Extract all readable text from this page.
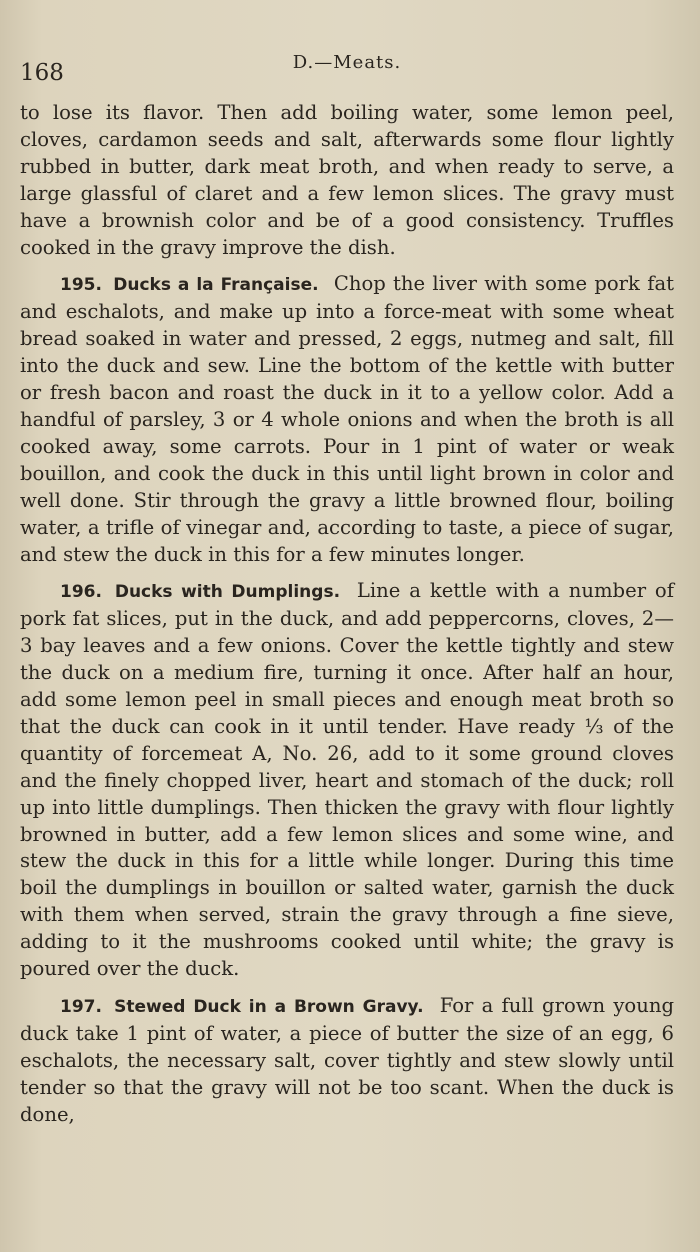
168	D.—Meats.

to lose its flavor. Then add boiling water, some lemon peel, cloves, cardamon seeds and salt, afterwards some flour lightly rubbed in butter, dark meat broth, and when ready to serve, a large glassful of claret and a few lemon slices. The gravy must have a brownish color and be of a good consistency. Truffles cooked in the gravy improve the dish.

195. Ducks a la Française. Chop the liver with some pork fat and eschalots, and make up into a force-meat with some wheat bread soaked in water and pressed, 2 eggs, nutmeg and salt, fill into the duck and sew. Line the bottom of the kettle with butter or fresh bacon and roast the duck in it to a yellow color. Add a handful of parsley, 3 or 4 whole onions and when the broth is all cooked away, some carrots. Pour in 1 pint of water or weak bouillon, and cook the duck in this until light brown in color and well done. Stir through the gravy a little browned flour, boiling water, a trifle of vinegar and, according to taste, a piece of sugar, and stew the duck in this for a few minutes longer.

196. Ducks with Dumplings. Line a kettle with a number of pork fat slices, put in the duck, and add peppercorns, cloves, 2—3 bay leaves and a few onions. Cover the kettle tightly and stew the duck on a medium fire, turning it once. After half an hour, add some lemon peel in small pieces and enough meat broth so that the duck can cook in it until tender. Have ready ⅓ of the quantity of forcemeat A, No. 26, add to it some ground cloves and the finely chopped liver, heart and stomach of the duck; roll up into little dumplings. Then thicken the gravy with flour lightly browned in butter, add a few lemon slices and some wine, and stew the duck in this for a little while longer. During this time boil the dumplings in bouillon or salted water, garnish the duck with them when served, strain the gravy through a fine sieve, adding to it the mushrooms cooked until white; the gravy is poured over the duck.

197. Stewed Duck in a Brown Gravy. For a full grown young duck take 1 pint of water, a piece of butter the size of an egg, 6 eschalots, the necessary salt, cover tightly and stew slowly until tender so that the gravy will not be too scant. When the duck is done,
